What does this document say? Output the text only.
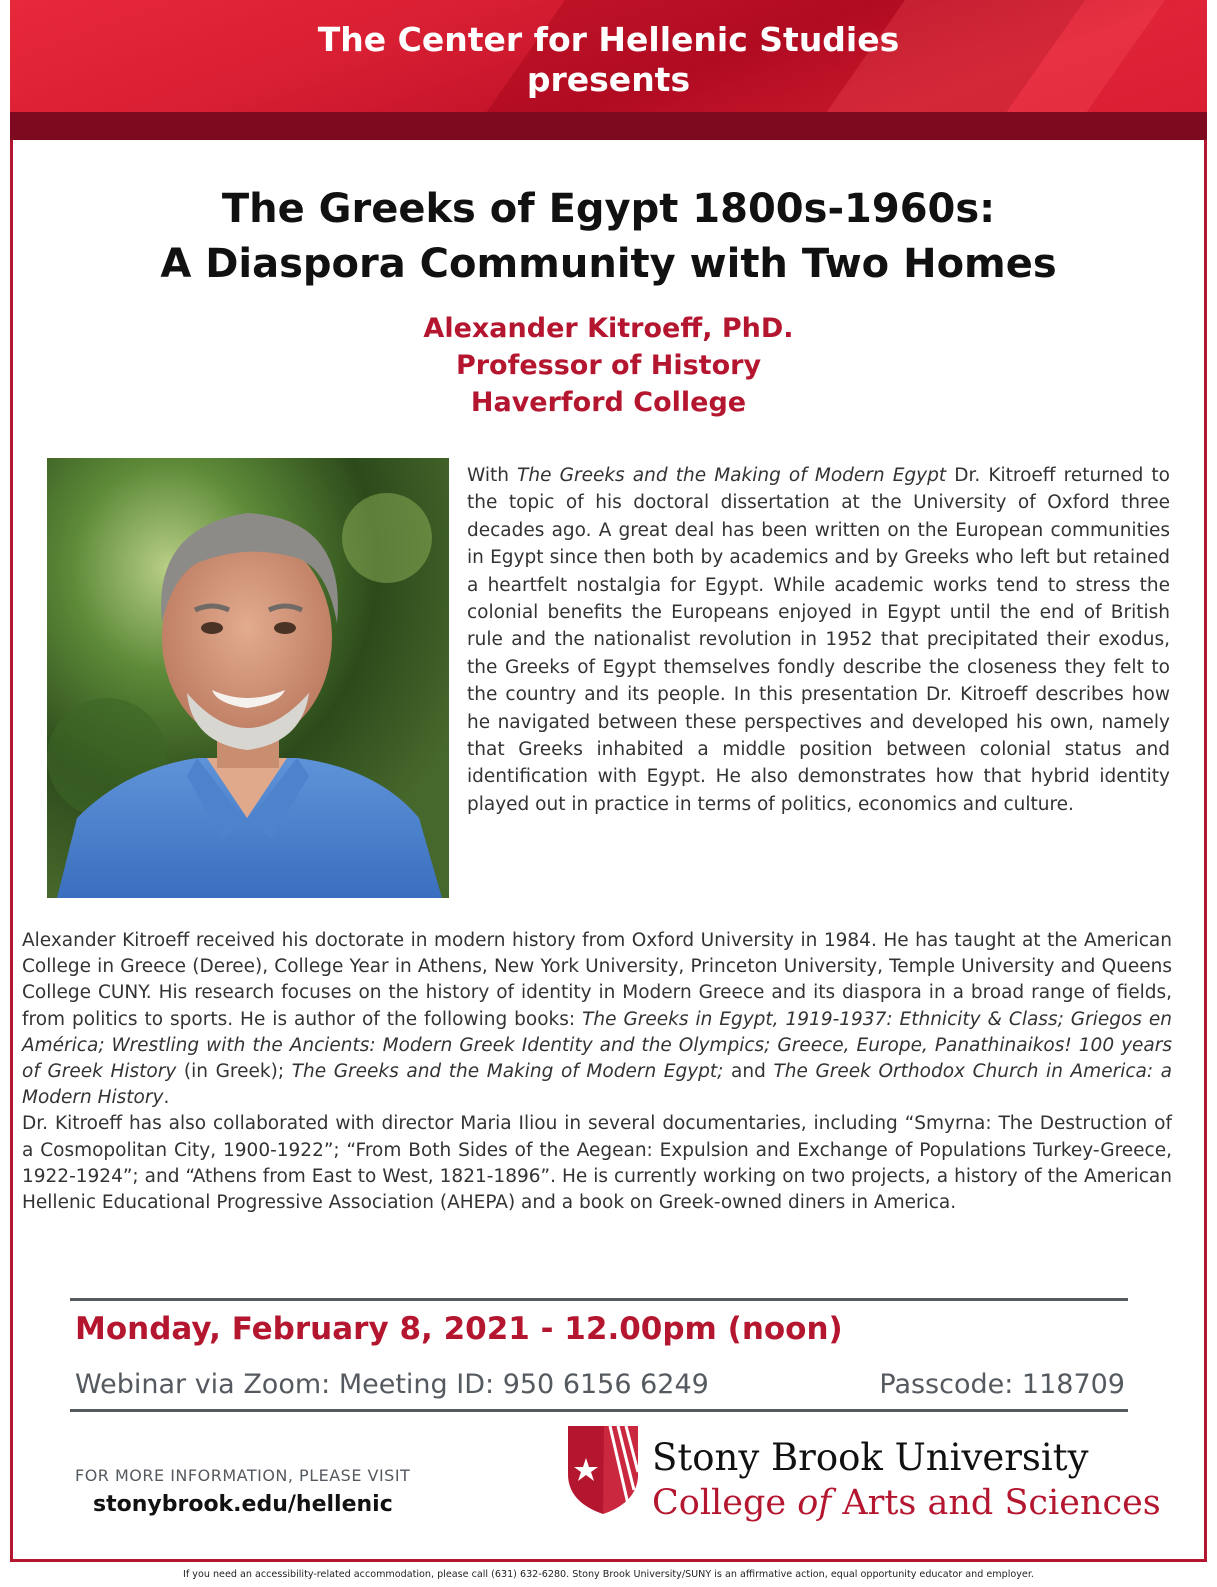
The Center for Hellenic Studies
presents
The Greeks of Egypt 1800s-1960s:
A Diaspora Community with Two Homes
Alexander Kitroeff, PhD.
Professor of History
Haverford College
With The Greeks and the Making of Modern Egypt Dr. Kitroeff returned to the topic of his doctoral dissertation at the University of Oxford three decades ago. A great deal has been written on the European communities in Egypt since then both by academics and by Greeks who left but retained a heartfelt nostalgia for Egypt. While academic works tend to stress the colonial benefits the Europeans enjoyed in Egypt until the end of British rule and the nationalist revolution in 1952 that precipitated their exodus, the Greeks of Egypt themselves fondly describe the closeness they felt to the country and its people. In this presentation Dr. Kitroeff describes how he navigated between these perspectives and developed his own, namely that Greeks inhabited a middle position between colonial status and identification with Egypt. He also demonstrates how that hybrid identity played out in practice in terms of politics, economics and culture.
Alexander Kitroeff received his doctorate in modern history from Oxford University in 1984. He has taught at the American College in Greece (Deree), College Year in Athens, New York University, Princeton University, Temple University and Queens College CUNY. His research focuses on the history of identity in Modern Greece and its diaspora in a broad range of fields, from politics to sports. He is author of the following books: The Greeks in Egypt, 1919-1937: Ethnicity & Class; Griegos en América; Wrestling with the Ancients: Modern Greek Identity and the Olympics; Greece, Europe, Panathinaikos! 100 years of Greek History (in Greek); The Greeks and the Making of Modern Egypt; and The Greek Orthodox Church in America: a Modern History.
Dr. Kitroeff has also collaborated with director Maria Iliou in several documentaries, including “Smyrna: The Destruction of a Cosmopolitan City, 1900-1922”; “From Both Sides of the Aegean: Expulsion and Exchange of Populations Turkey-Greece, 1922-1924”; and “Athens from East to West, 1821-1896”. He is currently working on two projects, a history of the American Hellenic Educational Progressive Association (AHEPA) and a book on Greek-owned diners in America.
Monday, February 8, 2021 - 12.00pm (noon)
Webinar via Zoom: Meeting ID: 950 6156 6249	Passcode: 118709
FOR MORE INFORMATION, PLEASE VISIT
stonybrook.edu/hellenic
Stony Brook University
College of Arts and Sciences
If you need an accessibility-related accommodation, please call (631) 632-6280. Stony Brook University/SUNY is an affirmative action, equal opportunity educator and employer.
